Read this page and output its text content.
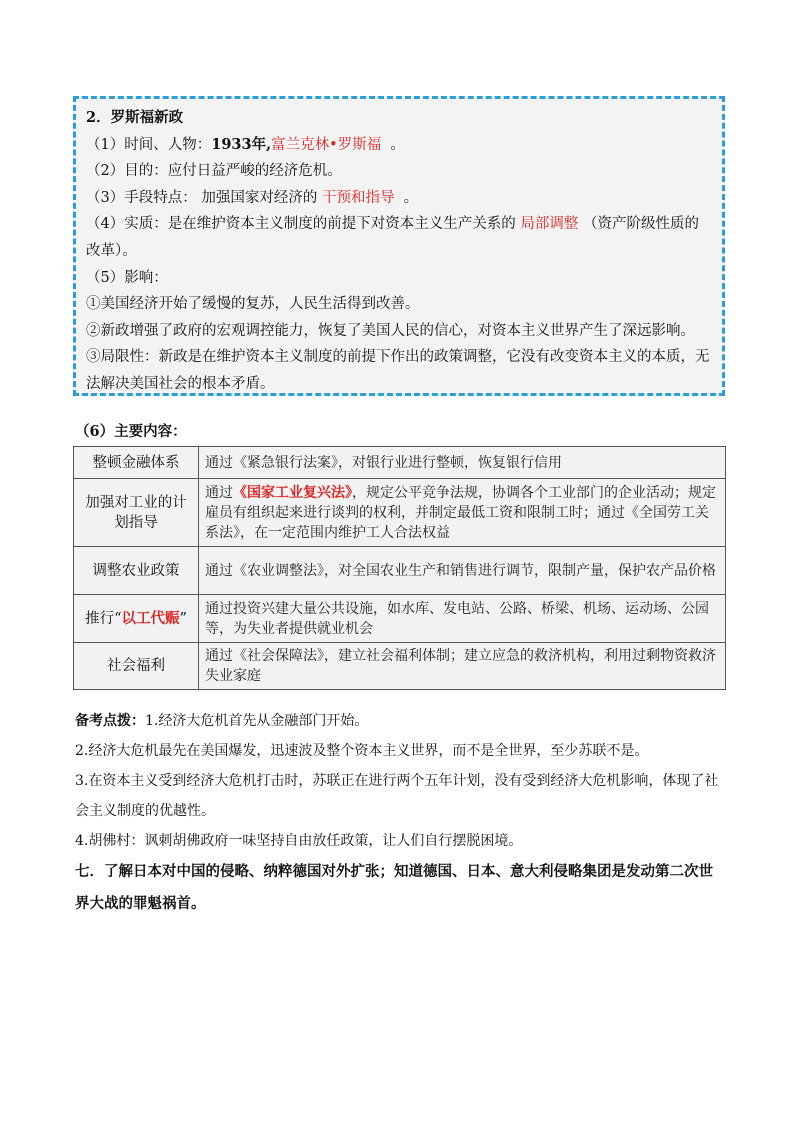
2．罗斯福新政
（1）时间、人物：1933年,富兰克林•罗斯福 。
（2）目的：应付日益严峻的经济危机。
（3）手段特点： 加强国家对经济的 干预和指导 。
（4）实质：是在维护资本主义制度的前提下对资本主义生产关系的 局部调整 （资产阶级性质的改革）。
（5）影响：
①美国经济开始了缓慢的复苏，人民生活得到改善。
②新政增强了政府的宏观调控能力，恢复了美国人民的信心，对资本主义世界产生了深远影响。
③局限性：新政是在维护资本主义制度的前提下作出的政策调整，它没有改变资本主义的本质，无法解决美国社会的根本矛盾。
（6）主要内容：
整顿金融体系	通过《紧急银行法案》，对银行业进行整顿，恢复银行信用
加强对工业的计划指导	通过《国家工业复兴法》，规定公平竞争法规，协调各个工业部门的企业活动；规定雇员有组织起来进行谈判的权利，并制定最低工资和限制工时；通过《全国劳工关系法》，在一定范围内维护工人合法权益
调整农业政策	通过《农业调整法》，对全国农业生产和销售进行调节，限制产量，保护农产品价格
推行“以工代赈”	通过投资兴建大量公共设施，如水库、发电站、公路、桥梁、机场、运动场、公园等，为失业者提供就业机会
社会福利	通过《社会保障法》，建立社会福利体制；建立应急的救济机构，利用过剩物资救济失业家庭

备考点拨：1.经济大危机首先从金融部门开始。

2.经济大危机最先在美国爆发，迅速波及整个资本主义世界，而不是全世界，至少苏联不是。

3.在资本主义受到经济大危机打击时，苏联正在进行两个五年计划，没有受到经济大危机影响，体现了社会主义制度的优越性。

4.胡佛村：讽刺胡佛政府一味坚持自由放任政策，让人们自行摆脱困境。

七．了解日本对中国的侵略、纳粹德国对外扩张；知道德国、日本、意大利侵略集团是发动第二次世界大战的罪魁祸首。
